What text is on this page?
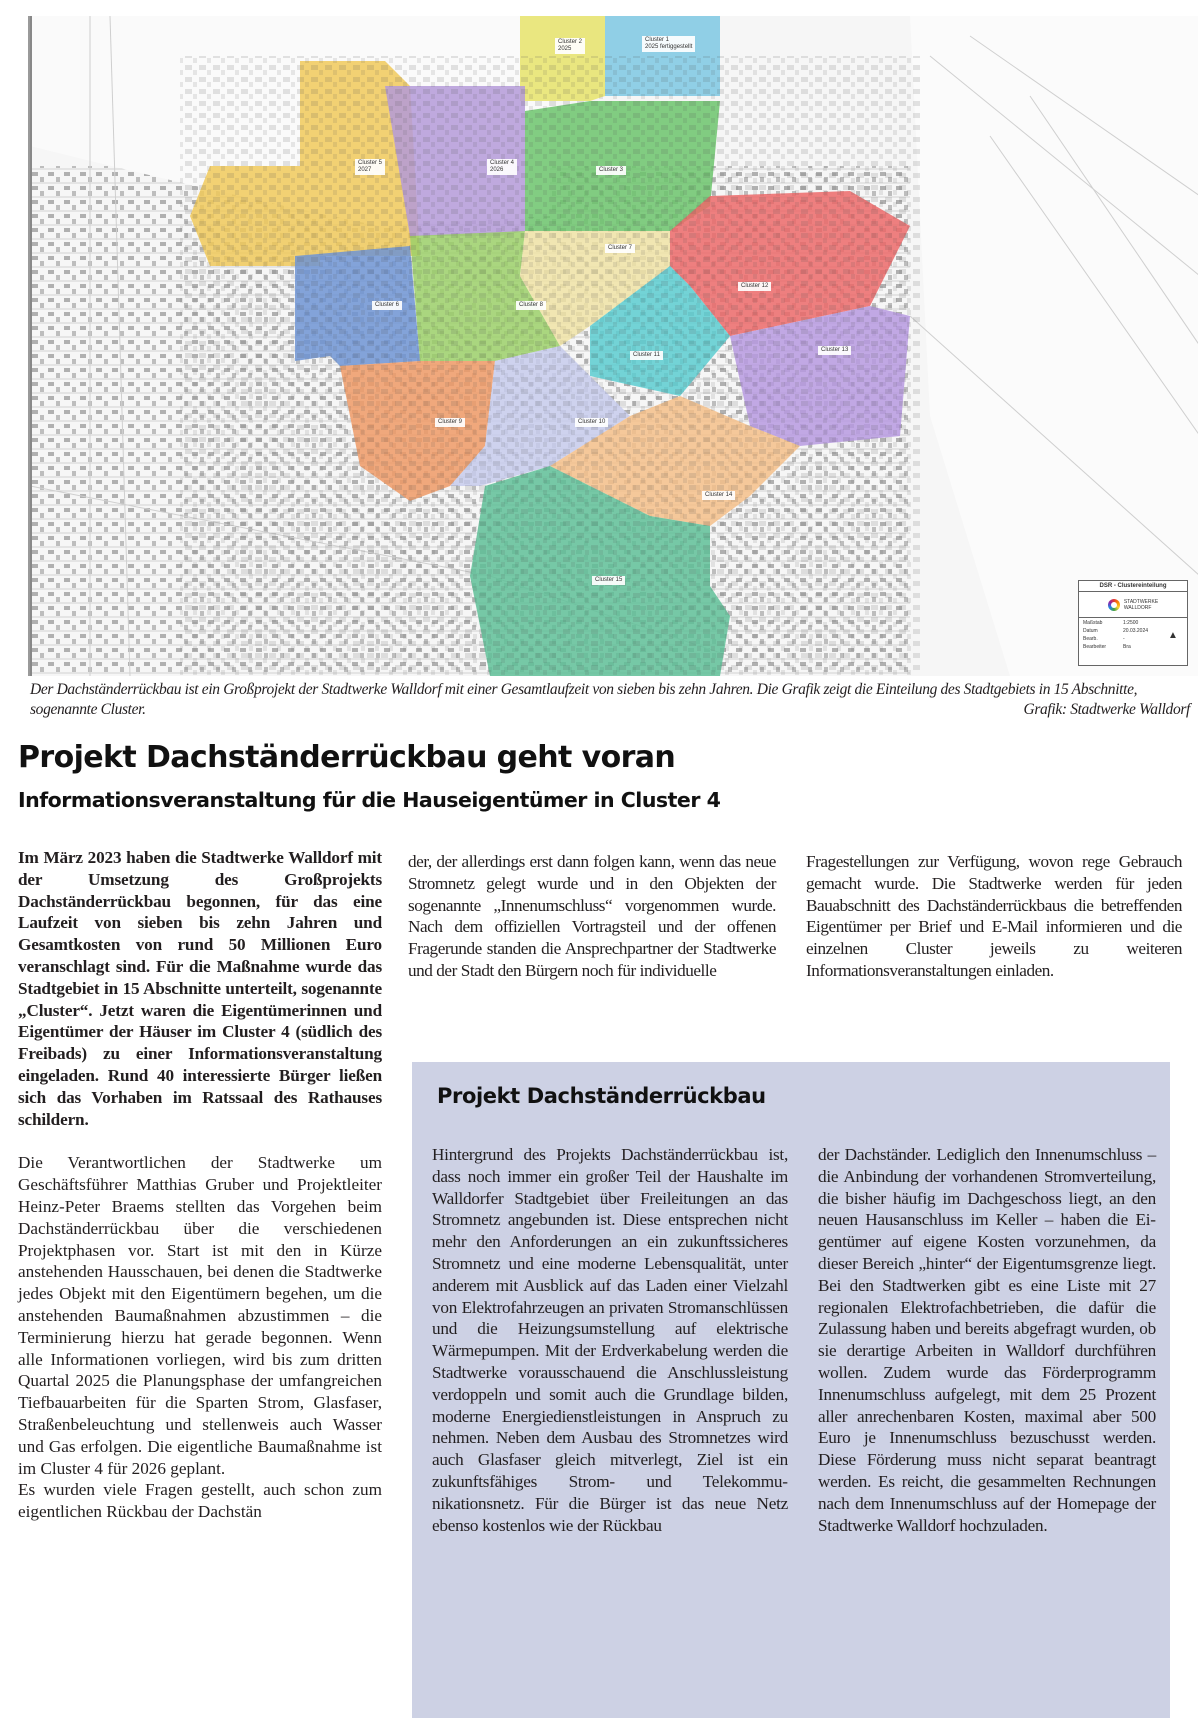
Cluster 2
2025
Cluster 1
2025 fertiggestellt
Cluster 5
2027
Cluster 4
2026	Cluster 3
Cluster 7
Cluster 6	Cluster 8
Cluster 12
Cluster 11
Cluster 13
Cluster 9	Cluster 10
Cluster 14
Cluster 15
DSR - Clustereinteilung
STADTWERKE
WALLDORF
Maßstab	1:2500
▲
Datum	20.03.2024
Bearb.	-
Bearbeiter	Bra
Der Dachständerrückbau ist ein Großprojekt der Stadtwerke Walldorf mit einer Gesamtlaufzeit von sieben bis zehn Jahren. Die Grafik zeigt die Einteilung des Stadtgebiets in 15 Abschnitte, sogenannte Cluster.	Grafik: Stadtwerke Walldorf
Projekt Dachständerrückbau geht voran
Informationsveranstaltung für die Hauseigentümer in Cluster 4

Im März 2023 haben die Stadtwerke Walldorf mit der Umsetzung des Großprojekts Dachständerrückbau begonnen, für das eine Laufzeit von sieben bis zehn Jahren und Gesamtkosten von rund 50 Millionen Euro veranschlagt sind. Für die Maßnahme wurde das Stadtgebiet in 15 Abschnitte unterteilt, sogenannte „Cluster“. Jetzt waren die Eigentümerinnen und Eigentümer der Häuser im Cluster 4 (südlich des Freibads) zu einer Informationsveranstaltung eingeladen. Rund 40 interessierte Bürger ließen sich das Vorhaben im Ratssaal des Rathauses schildern.

Die Verantwortlichen der Stadtwerke um Geschäftsführer Matthias Gruber und Projektleiter Heinz-Peter Braems stellten das Vorgehen beim Dachständerrückbau über die verschiedenen Projektphasen vor. Start ist mit den in Kürze anstehenden Hausschauen, bei denen die Stadtwerke jedes Objekt mit den Eigentümern begehen, um die anstehenden Baumaßnahmen abzustimmen – die Terminierung hierzu hat gerade begonnen. Wenn alle Informationen vorliegen, wird bis zum dritten Quartal 2025 die Planungsphase der umfangreichen Tiefbauarbeiten für die Sparten Strom, Glasfaser, Straßenbeleuchtung und stellenweis auch Wasser und Gas erfolgen. Die eigentliche Baumaßnahme ist im Cluster 4 für 2026 geplant.

Es wurden viele Fragen gestellt, auch schon zum eigentlichen Rückbau der Dachstän

der, der allerdings erst dann folgen kann, wenn das neue Stromnetz gelegt wurde und in den Objekten der sogenannte „Innenumschluss“ vorgenommen wurde. Nach dem offiziellen Vortragsteil und der offenen Fragerunde standen die Ansprechpartner der Stadtwerke und der Stadt den Bürgern noch für individuelle

Fragestellungen zur Verfügung, wovon rege Gebrauch gemacht wurde. Die Stadtwerke werden für jeden Bauabschnitt des Dachständerrückbaus die betreffenden Eigentümer per Brief und E-Mail informieren und die einzelnen Cluster jeweils zu weiteren Informationsveranstaltungen einladen.

Projekt Dachständerrückbau

Hintergrund des Projekts Dachständerrückbau ist, dass noch immer ein großer Teil der Haushalte im Walldorfer Stadtgebiet über Freileitungen an das Stromnetz angebunden ist. Diese entsprechen nicht mehr den Anforderungen an ein zukunftssicheres Stromnetz und eine moderne Lebensqualität, unter anderem mit Ausblick auf das Laden einer Vielzahl von Elektrofahrzeugen an privaten Stromanschlüssen und die Heizungsumstellung auf elektrische Wärmepumpen. Mit der Erdverkabelung werden die Stadtwerke vorausschauend die Anschlussleistung verdoppeln und somit auch die Grundlage bilden, moderne Energiedienstleistungen in Anspruch zu nehmen. Neben dem Ausbau des Stromnetzes wird auch Glasfaser gleich mitverlegt, Ziel ist ein zukunftsfähiges Strom- und Telekommunikationsnetz. Für die Bürger ist das neue Netz ebenso kostenlos wie der Rückbau

der Dachständer. Lediglich den Innenumschluss – die Anbindung der vorhandenen Stromverteilung, die bisher häufig im Dachgeschoss liegt, an den neuen Hausanschluss im Keller – haben die Eigentümer auf eigene Kosten vorzunehmen, da dieser Bereich „hinter“ der Eigentumsgrenze liegt. Bei den Stadtwerken gibt es eine Liste mit 27 regionalen Elektrofachbetrieben, die dafür die Zulassung haben und bereits abgefragt wurden, ob sie derartige Arbeiten in Walldorf durchführen wollen. Zudem wurde das Förderprogramm Innenumschluss aufgelegt, mit dem 25 Prozent aller anrechenbaren Kosten, maximal aber 500 Euro je Innenumschluss bezuschusst werden. Diese Förderung muss nicht separat beantragt werden. Es reicht, die gesammelten Rechnungen nach dem Innenumschluss auf der Homepage der Stadtwerke Walldorf hochzuladen.
